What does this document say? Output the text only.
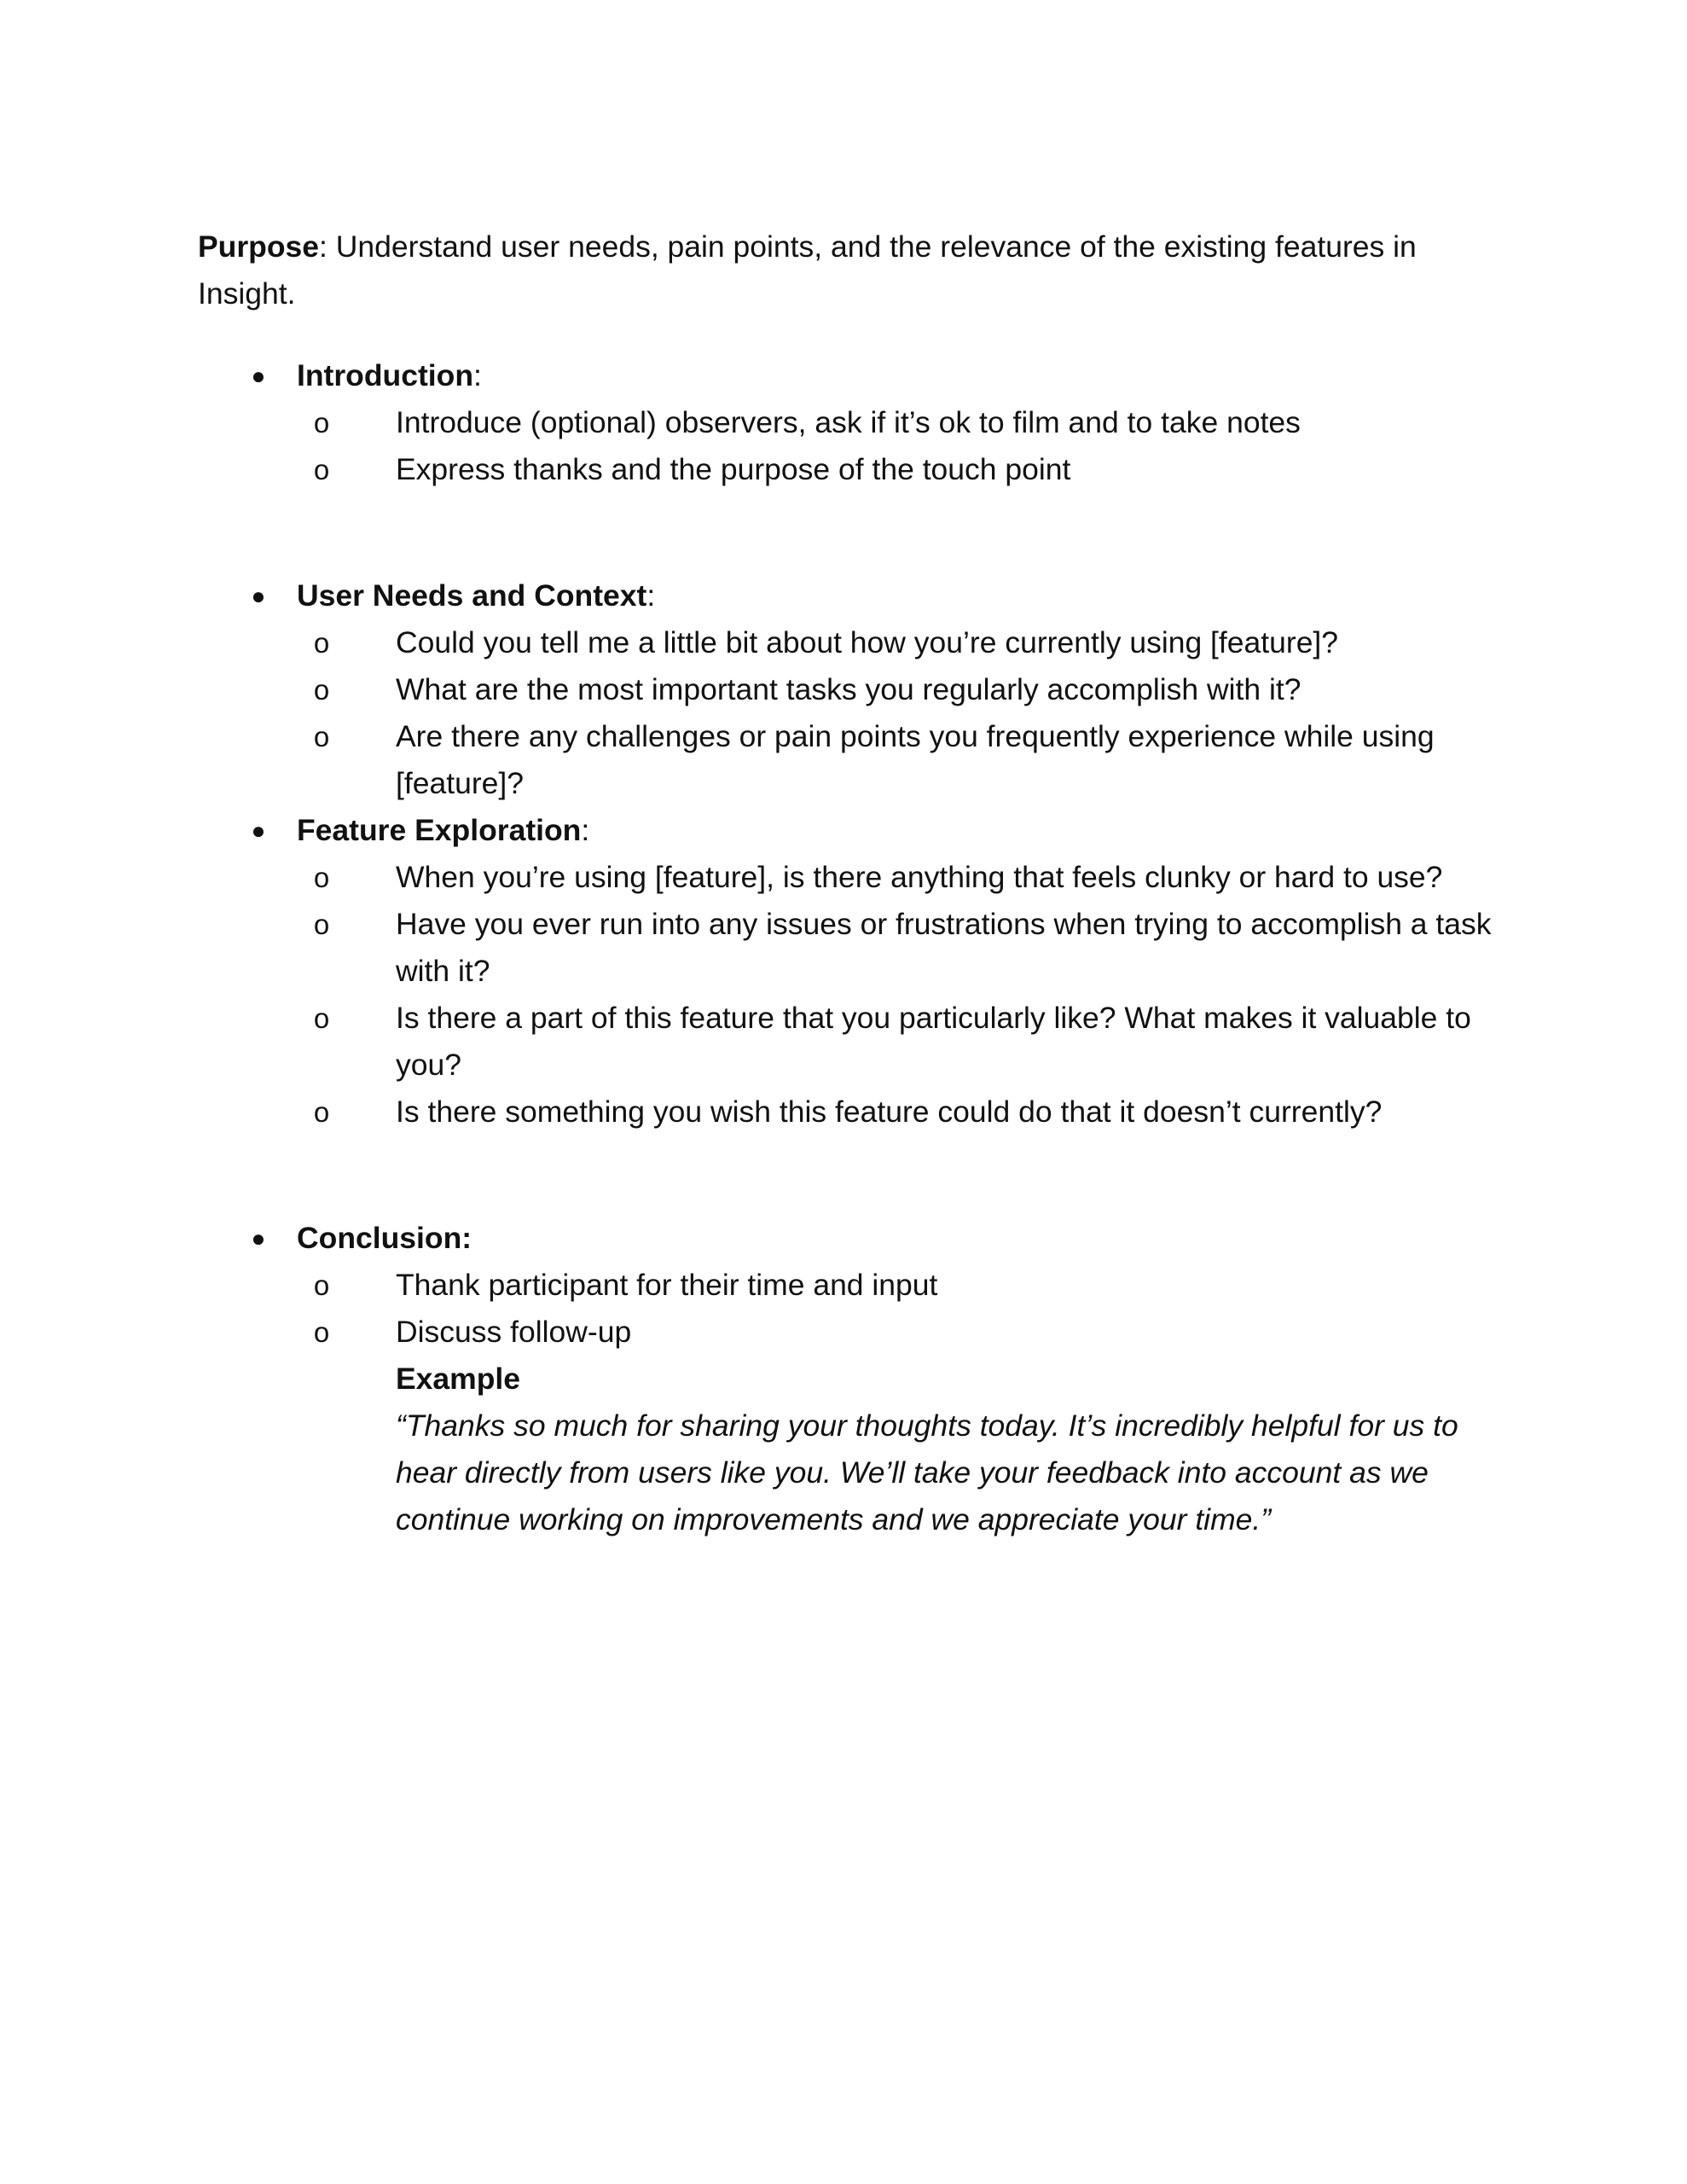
Purpose: Understand user needs, pain points, and the relevance of the existing features in Insight.

● Introduction:
o	Introduce (optional) observers, ask if it’s ok to film and to take notes
o	Express thanks and the purpose of the touch point
● User Needs and Context:
o	Could you tell me a little bit about how you’re currently using [feature]?
o	What are the most important tasks you regularly accomplish with it?
o	Are there any challenges or pain points you frequently experience while using [feature]?
● Feature Exploration:
o	When you’re using [feature], is there anything that feels clunky or hard to use?
o	Have you ever run into any issues or frustrations when trying to accomplish a task with it?
o	Is there a part of this feature that you particularly like? What makes it valuable to you?
o	Is there something you wish this feature could do that it doesn’t currently?
● Conclusion:
o	Thank participant for their time and input
o	Discuss follow-up
Example
“Thanks so much for sharing your thoughts today. It’s incredibly helpful for us to hear directly from users like you. We’ll take your feedback into account as we continue working on improvements and we appreciate your time.”
